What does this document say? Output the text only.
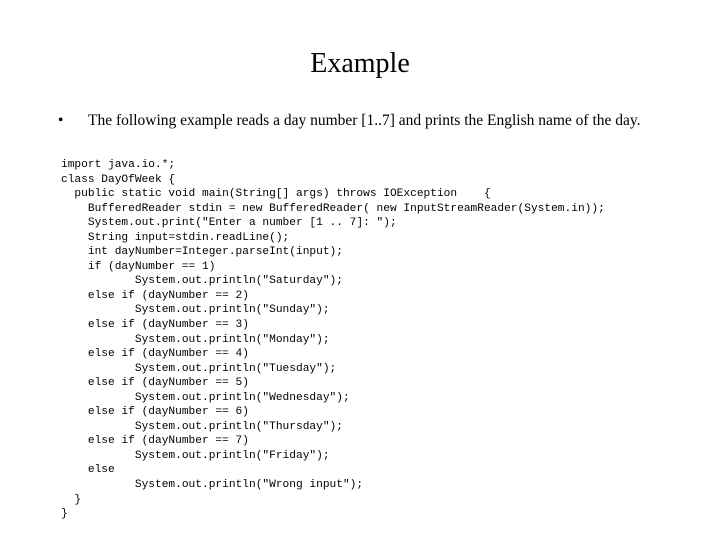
Example
• The following example reads a day number [1..7] and prints the English name of the day.
import java.io.*;
class DayOfWeek {
public static void main(String[] args) throws IOException    {
BufferedReader stdin = new BufferedReader( new InputStreamReader(System.in));
System.out.print("Enter a number [1 .. 7]: ");
String input=stdin.readLine();
int dayNumber=Integer.parseInt(input);
if (dayNumber == 1)
System.out.println("Saturday");
else if (dayNumber == 2)
System.out.println("Sunday");
else if (dayNumber == 3)
System.out.println("Monday");
else if (dayNumber == 4)
System.out.println("Tuesday");
else if (dayNumber == 5)
System.out.println("Wednesday");
else if (dayNumber == 6)
System.out.println("Thursday");
else if (dayNumber == 7)
System.out.println("Friday");
else
System.out.println("Wrong input");
}
}
